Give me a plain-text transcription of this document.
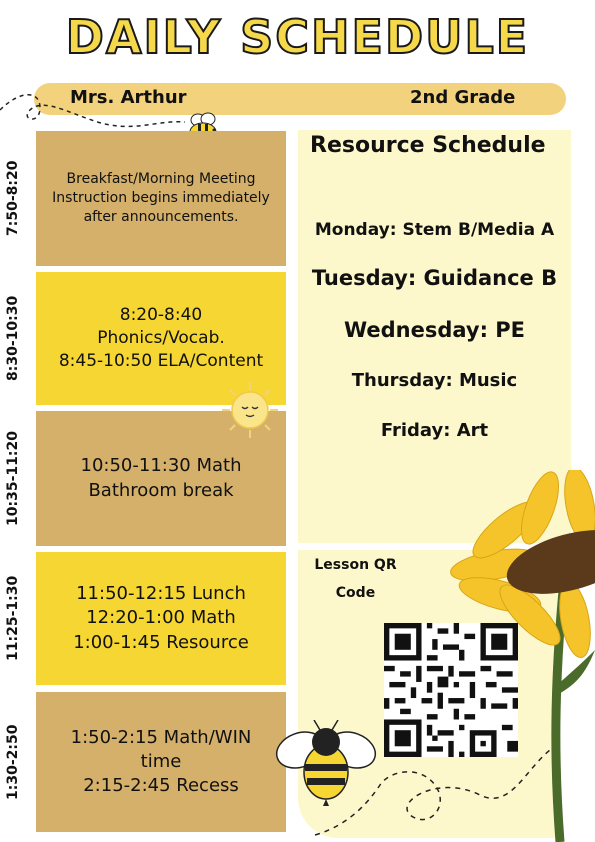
DAILY SCHEDULE
Mrs. Arthur	2nd Grade
Breakfast/Morning Meeting
Instruction begins immediately
after announcements.
7:50-8:20
8:20-8:40
Phonics/Vocab.
8:45-10:50 ELA/Content
8:30-10:30
10:50-11:30 Math
Bathroom break
10:35-11:20
11:50-12:15 Lunch
12:20-1:00 Math
1:00-1:45 Resource
11:25-1:30
1:50-2:15 Math/WIN
time
2:15-2:45 Recess
1:30-2:50
Resource Schedule
Monday: Stem B/Media A
Tuesday: Guidance B
Wednesday: PE
Thursday: Music
Friday: Art
Lesson QR
Code
